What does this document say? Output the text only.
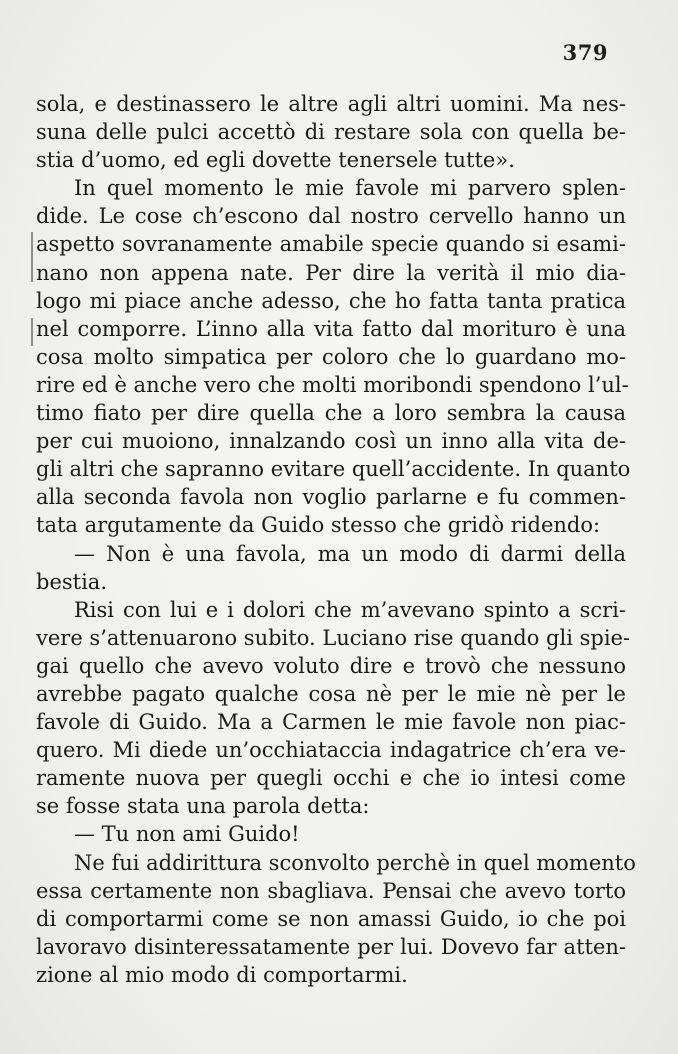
379
sola, e destinassero le altre agli altri uomini. Ma nes-
suna delle pulci accettò di restare sola con quella be-
stia d’uomo, ed egli dovette tenersele tutte».
In quel momento le mie favole mi parvero splen-
dide. Le cose ch’escono dal nostro cervello hanno un
aspetto sovranamente amabile specie quando si esami-
nano non appena nate. Per dire la verità il mio dia-
logo mi piace anche adesso, che ho fatta tanta pratica
nel comporre. L’inno alla vita fatto dal morituro è una
cosa molto simpatica per coloro che lo guardano mo-
rire ed è anche vero che molti moribondi spendono l’ul-
timo fiato per dire quella che a loro sembra la causa
per cui muoiono, innalzando così un inno alla vita de-
gli altri che sapranno evitare quell’accidente. In quanto
alla seconda favola non voglio parlarne e fu commen-
tata argutamente da Guido stesso che gridò ridendo:
— Non è una favola, ma un modo di darmi della
bestia.
Risi con lui e i dolori che m’avevano spinto a scri-
vere s’attenuarono subito. Luciano rise quando gli spie-
gai quello che avevo voluto dire e trovò che nessuno
avrebbe pagato qualche cosa nè per le mie nè per le
favole di Guido. Ma a Carmen le mie favole non piac-
quero. Mi diede un’occhiataccia indagatrice ch’era ve-
ramente nuova per quegli occhi e che io intesi come
se fosse stata una parola detta:
— Tu non ami Guido!
Ne fui addirittura sconvolto perchè in quel momento
essa certamente non sbagliava. Pensai che avevo torto
di comportarmi come se non amassi Guido, io che poi
lavoravo disinteressatamente per lui. Dovevo far atten-
zione al mio modo di comportarmi.
